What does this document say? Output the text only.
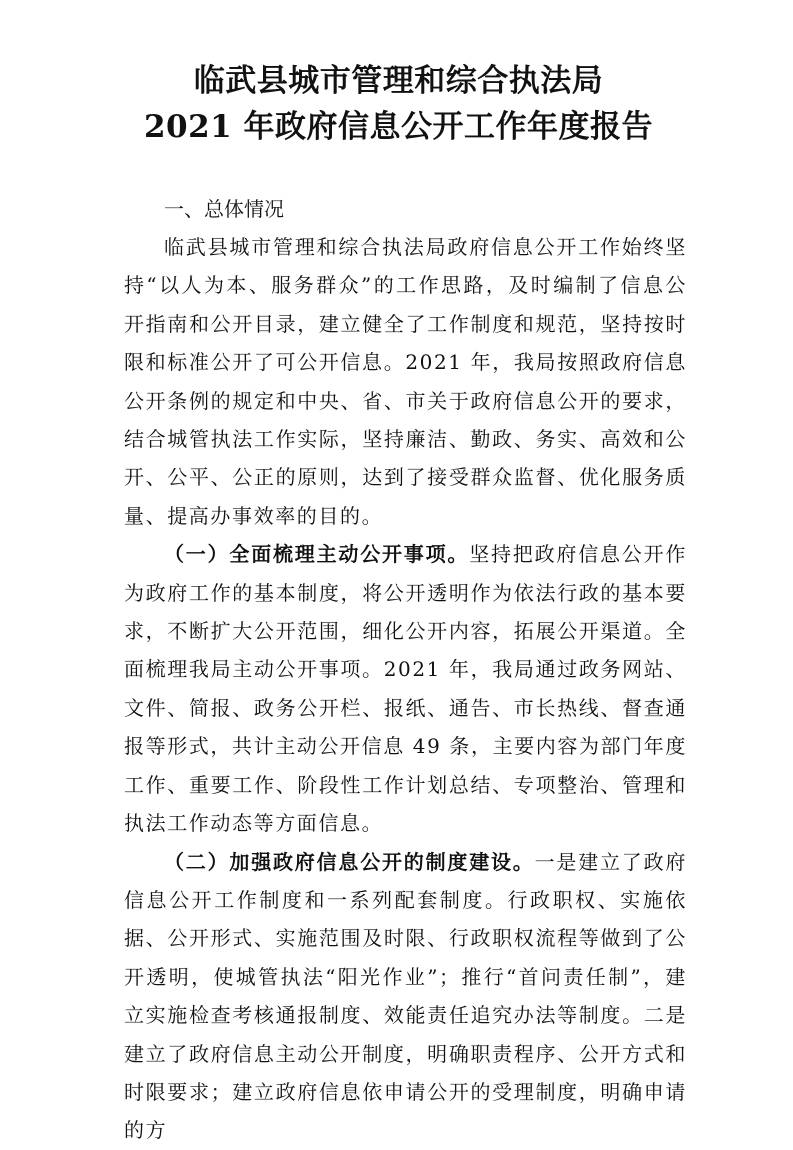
临武县城市管理和综合执法局
2021 年政府信息公开工作年度报告
一、总体情况

临武县城市管理和综合执法局政府信息公开工作始终坚持“以人为本、服务群众”的工作思路，及时编制了信息公开指南和公开目录，建立健全了工作制度和规范，坚持按时限和标准公开了可公开信息。2021 年，我局按照政府信息公开条例的规定和中央、省、市关于政府信息公开的要求，结合城管执法工作实际，坚持廉洁、勤政、务实、高效和公开、公平、公正的原则，达到了接受群众监督、优化服务质量、提高办事效率的目的。

（一）全面梳理主动公开事项。坚持把政府信息公开作为政府工作的基本制度，将公开透明作为依法行政的基本要求，不断扩大公开范围，细化公开内容，拓展公开渠道。全面梳理我局主动公开事项。2021 年，我局通过政务网站、文件、简报、政务公开栏、报纸、通告、市长热线、督查通报等形式，共计主动公开信息 49 条，主要内容为部门年度工作、重要工作、阶段性工作计划总结、专项整治、管理和执法工作动态等方面信息。

（二）加强政府信息公开的制度建设。一是建立了政府信息公开工作制度和一系列配套制度。行政职权、实施依据、公开形式、实施范围及时限、行政职权流程等做到了公开透明，使城管执法“阳光作业”；推行“首问责任制”，建立实施检查考核通报制度、效能责任追究办法等制度。二是建立了政府信息主动公开制度，明确职责程序、公开方式和时限要求；建立政府信息依申请公开的受理制度，明确申请的方
